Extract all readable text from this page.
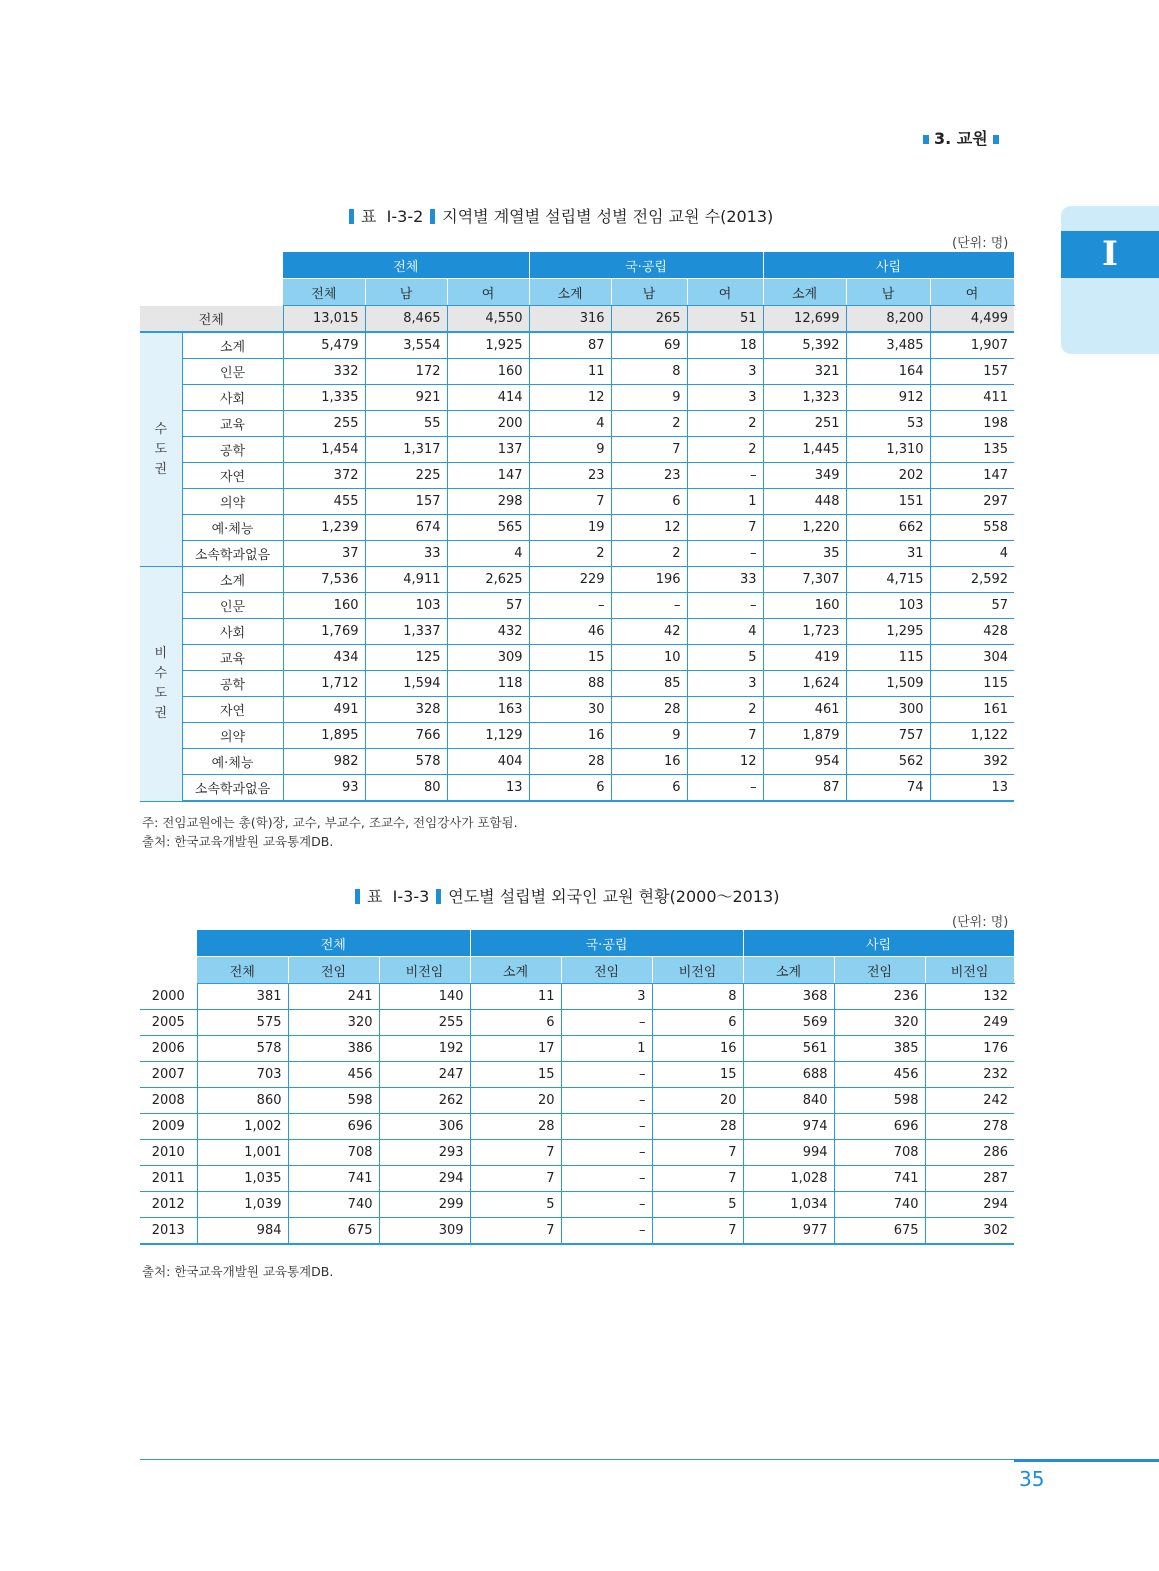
3. 교원
I
표 Ⅰ-3-2 지역별 계열별 설립별 성별 전임 교원 수(2013)
(단위: 명)
		전체			국·공립			사립		
		전체	남	여	소계	남	여	소계	남	여
전체		13,015	8,465	4,550	316	265	51	12,699	8,200	4,499
수도권	소계	5,479	3,554	1,925	87	69	18	5,392	3,485	1,907
	인문	332	172	160	11	8	3	321	164	157
	사회	1,335	921	414	12	9	3	1,323	912	411
	교육	255	55	200	4	2	2	251	53	198
	공학	1,454	1,317	137	9	7	2	1,445	1,310	135
	자연	372	225	147	23	23	–	349	202	147
	의약	455	157	298	7	6	1	448	151	297
	예·체능	1,239	674	565	19	12	7	1,220	662	558
	소속학과없음	37	33	4	2	2	–	35	31	4
비수도권	소계	7,536	4,911	2,625	229	196	33	7,307	4,715	2,592
	인문	160	103	57	–	–	–	160	103	57
	사회	1,769	1,337	432	46	42	4	1,723	1,295	428
	교육	434	125	309	15	10	5	419	115	304
	공학	1,712	1,594	118	88	85	3	1,624	1,509	115
	자연	491	328	163	30	28	2	461	300	161
	의약	1,895	766	1,129	16	9	7	1,879	757	1,122
	예·체능	982	578	404	28	16	12	954	562	392
	소속학과없음	93	80	13	6	6	–	87	74	13
주: 전임교원에는 총(학)장, 교수, 부교수, 조교수, 전임강사가 포함됨.
출처: 한국교육개발원 교육통계DB.
표 Ⅰ-3-3 연도별 설립별 외국인 교원 현황(2000～2013)
(단위: 명)
	전체			국·공립			사립		
	전체	전임	비전임	소계	전임	비전임	소계	전임	비전임
2000	381	241	140	11	3	8	368	236	132
2005	575	320	255	6	–	6	569	320	249
2006	578	386	192	17	1	16	561	385	176
2007	703	456	247	15	–	15	688	456	232
2008	860	598	262	20	–	20	840	598	242
2009	1,002	696	306	28	–	28	974	696	278
2010	1,001	708	293	7	–	7	994	708	286
2011	1,035	741	294	7	–	7	1,028	741	287
2012	1,039	740	299	5	–	5	1,034	740	294
2013	984	675	309	7	–	7	977	675	302
출처: 한국교육개발원 교육통계DB.
35
